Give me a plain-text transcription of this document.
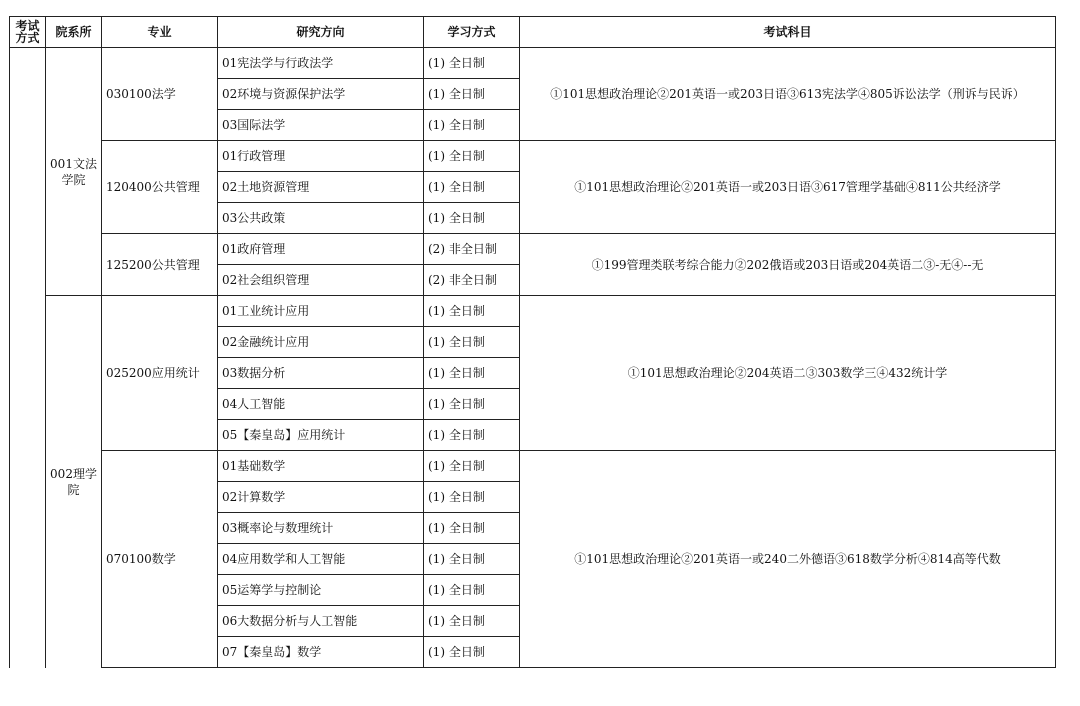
考试方式	院系所	专业	研究方向	学习方式	考试科目
	001文法学院	030100法学	01宪法学与行政法学	(1) 全日制	①101思想政治理论②201英语一或203日语③613宪法学④805诉讼法学（刑诉与民诉）
			02环境与资源保护法学	(1) 全日制	
			03国际法学	(1) 全日制	
		120400公共管理	01行政管理	(1) 全日制	①101思想政治理论②201英语一或203日语③617管理学基础④811公共经济学
			02土地资源管理	(1) 全日制	
			03公共政策	(1) 全日制	
		125200公共管理	01政府管理	(2) 非全日制	①199管理类联考综合能力②202俄语或203日语或204英语二③-无④--无
			02社会组织管理	(2) 非全日制	
	002理学院	025200应用统计	01工业统计应用	(1) 全日制	①101思想政治理论②204英语二③303数学三④432统计学
			02金融统计应用	(1) 全日制	
			03数据分析	(1) 全日制	
			04人工智能	(1) 全日制	
			05【秦皇岛】应用统计	(1) 全日制	
		070100数学	01基础数学	(1) 全日制	①101思想政治理论②201英语一或240二外德语③618数学分析④814高等代数
			02计算数学	(1) 全日制	
			03概率论与数理统计	(1) 全日制	
			04应用数学和人工智能	(1) 全日制	
			05运筹学与控制论	(1) 全日制	
			06大数据分析与人工智能	(1) 全日制	
			07【秦皇岛】数学	(1) 全日制	
